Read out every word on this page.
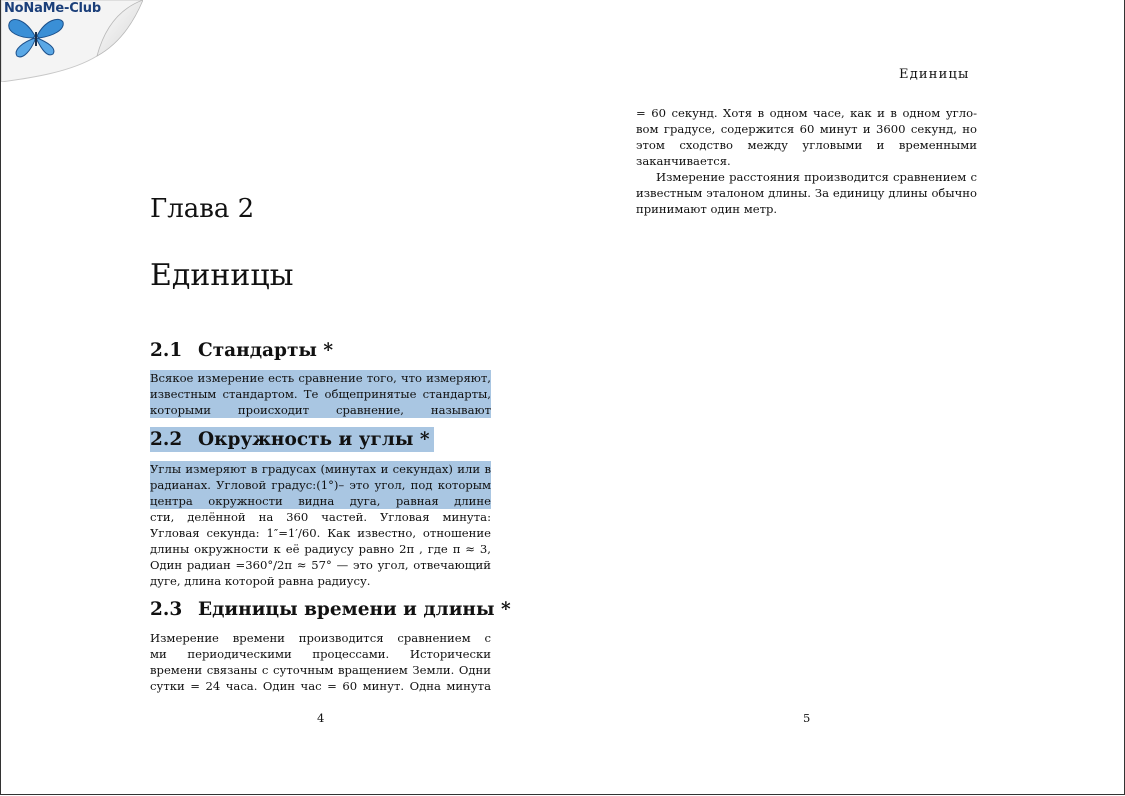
NoNaMe-Club
Глава 2
Единицы
2.1 Стандарты *
Всякое измерение есть сравнение того, что измеряют,
известным стандартом. Те общепринятые стандарты,
которыми происходит сравнение, называют
2.2 Окружность и углы *
Углы измеряют в градусах (минутах и секундах) или в
радианах. Угловой градус:(1°)– это угол, под которым
центра окружности видна дуга, равная длине
сти, делённой на 360 частей. Угловая минута:
Угловая секунда: 1″=1′/60. Как известно, отношение
длины окружности к её радиусу равно 2π , где π ≈ 3,
Один радиан =360°/2π ≈ 57° — это угол, отвечающий
дуге, длина которой равна радиусу.
2.3 Единицы времени и длины *
Измерение времени производится сравнением с
ми периодическими процессами. Исторически
времени связаны с суточным вращением Земли. Одни
сутки = 24 часа. Один час = 60 минут. Одна минута
4
Единицы
= 60 секунд. Хотя в одном часе, как и в одном угло-
вом градусе, содержится 60 минут и 3600 секунд, но
этом сходство между угловыми и временными
заканчивается.
Измерение расстояния производится сравнением с
известным эталоном длины. За единицу длины обычно
принимают один метр.
5
